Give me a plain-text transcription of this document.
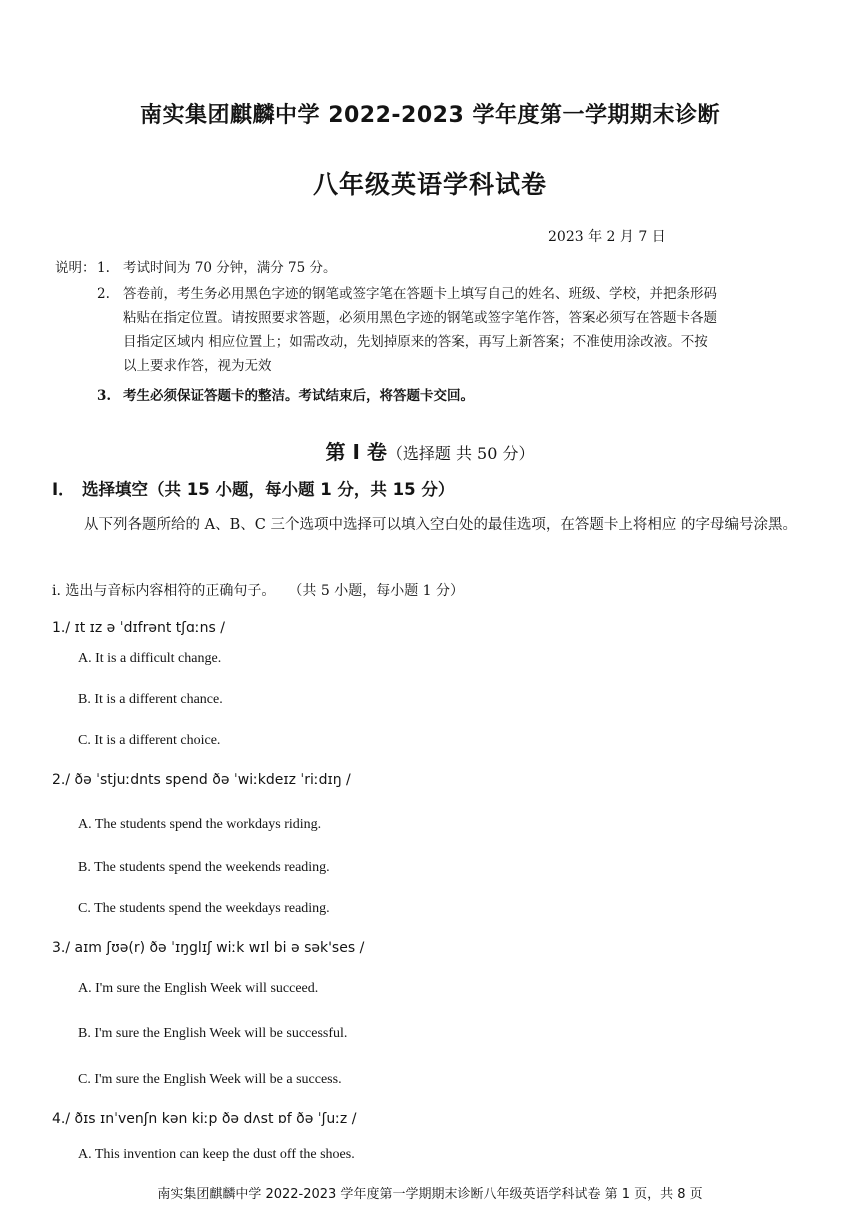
南实集团麒麟中学 2022-2023 学年度第一学期期末诊断
八年级英语学科试卷
2023 年 2 月 7 日
说明： 1. 考试时间为 70 分钟，满分 75 分。
2. 答卷前，考生务必用黑色字迹的钢笔或签字笔在答题卡上填写自己的姓名、班级、学校，并把条形码
粘贴在指定位置。请按照要求答题，必须用黑色字迹的钢笔或签字笔作答，答案必须写在答题卡各题
目指定区域内 相应位置上；如需改动，先划掉原来的答案，再写上新答案；不准使用涂改液。不按
以上要求作答，视为无效
3. 考生必须保证答题卡的整洁。考试结束后，将答题卡交回。
第 I 卷（选择题 共 50 分）
I． 选择填空（共 15 小题，每小题 1 分，共 15 分）
从下列各题所给的 A、B、C 三个选项中选择可以填入空白处的最佳选项，在答题卡上将相应 的字母编号涂黑。
i. 选出与音标内容相符的正确句子。 （共 5 小题，每小题 1 分）
1./ ɪt ɪz ə ˈdɪfrənt tʃɑːns /
A. It is a difficult change.
B. It is a different chance.
C. It is a different choice.
2./ ðə ˈstjuːdnts spend ðə ˈwiːkdeɪz ˈriːdɪŋ /
A. The students spend the workdays riding.
B. The students spend the weekends reading.
C. The students spend the weekdays reading.
3./ aɪm ʃʊə(r) ðə ˈɪŋglɪʃ wiːk wɪl bi ə sək'ses /
A. I'm sure the English Week will succeed.
B. I'm sure the English Week will be successful.
C. I'm sure the English Week will be a success.
4./ ðɪs ɪnˈvenʃn kən kiːp ðə dʌst ɒf ðə ˈʃuːz /
A. This invention can keep the dust off the shoes.
南实集团麒麟中学 2022-2023 学年度第一学期期末诊断八年级英语学科试卷 第 1 页，共 8 页
